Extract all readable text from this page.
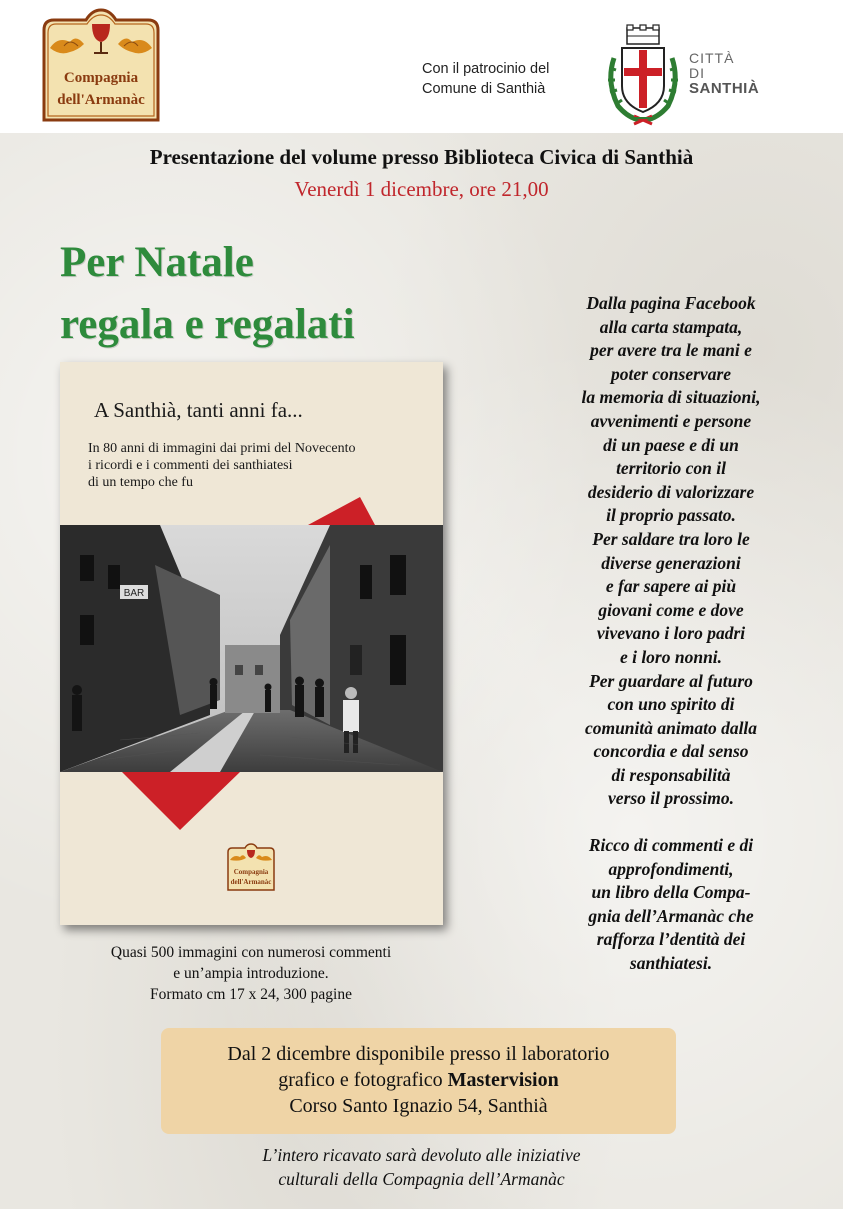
Compagnia
dell'Armanàc
Con il patrocinio del
Comune di Santhià
CITTÀ
DI
SANTHIÀ
Presentazione del volume presso Biblioteca Civica di Santhià
Venerdì 1 dicembre, ore 21,00
Per Natale
regala e regalati
A Santhià, tanti anni fa...
In 80 anni di immagini dai primi del Novecento
i ricordi e i commenti dei santhiatesi
di un tempo che fu
BAR
Compagnia
dell'Armanàc
Quasi 500 immagini con numerosi commenti
e un’ampia introduzione.
Formato cm 17 x 24, 300 pagine

Dalla pagina Facebook
alla carta stampata,
per avere tra le mani e
poter conservare
la memoria di situazioni,
avvenimenti e persone
di un paese e di un
territorio con il
desiderio di valorizzare
il proprio passato.
Per saldare tra loro le
diverse generazioni
e far sapere ai più
giovani come e dove
vivevano i loro padri
e i loro nonni.
Per guardare al futuro
con uno spirito di
comunità animato dalla
concordia e dal senso
di responsabilità
verso il prossimo.

Ricco di commenti e di
approfondimenti,
un libro della Compa-
gnia dell’Armanàc che
rafforza l’dentità dei
santhiatesi.

Dal 2 dicembre disponibile presso il laboratorio
grafico e fotografico Mastervision
Corso Santo Ignazio 54, Santhià
L’intero ricavato sarà devoluto alle iniziative
culturali della Compagnia dell’Armanàc
